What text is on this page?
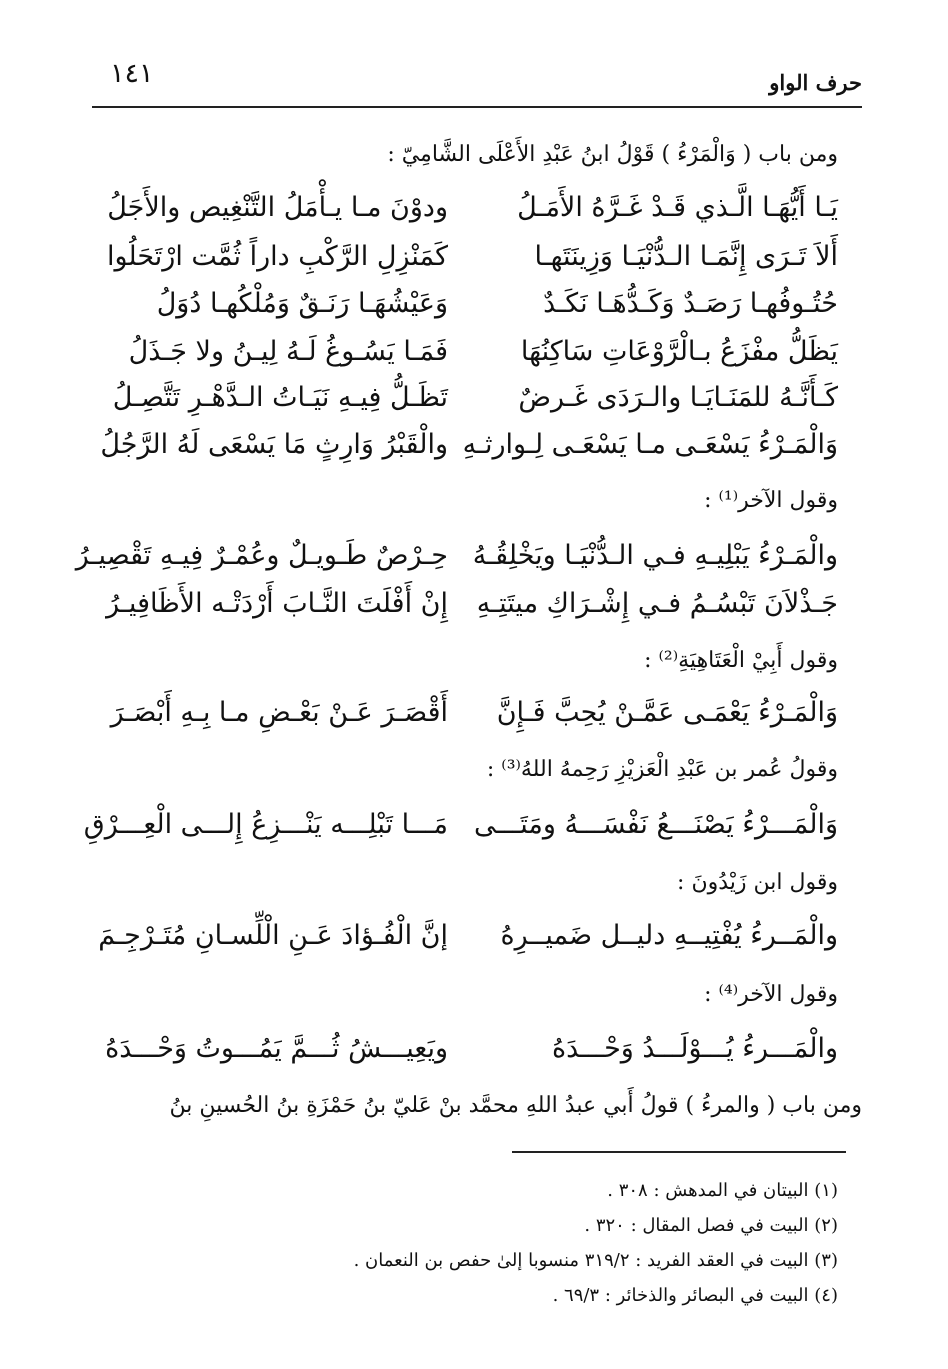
حرف الواو
١٤١
ومن باب ( وَالْمَرْءُ ) قَوْلُ ابنُ عَبْدِ الأَعْلَى الشَّامِيّ :
يَـا أَيُّهَـا الَّـذي قَـدْ غَـرَّهُ الأَمَـلُ
ودوْنَ مـا يـأْمَلُ التَّنْغِيص والأَجَلُ
أَلاَ تَـرَى إِنَّمَـا الـدُّنْيَـا وَزِينَتَهـا
كَمَنْزِلِ الرَّكْبِ داراً ثُمَّت ارْتَحَلُوا
حُتُـوفُهـا رَصَـدٌ وَكَـدُّهَـا نَكَـدٌ
وَعَيْشُهَـا رَنَـقٌ وَمُلْكُهـا دُوَلُ
يَظَلُّ مفْزَعُ بـالْرَّوْعَاتِ سَاكِنُهَا
فَمَـا يَسُـوغُ لَـهُ لِيـنُ ولا جَـذَلُ
كَـأَنَّـهُ للمَنَـايَـا والـرَدَى غَـرضٌ
تَظَـلُّ فِيـهِ نَيَـاتُ الـدَّهْـرِ تَتَّصِـلُ
وَالْمَـرْءُ يَسْعَـى مـا يَسْعَـى لِـوارثـهِ
والْقَبْرُ وَارِثٍ مَا يَسْعَى لَهُ الرَّجُلُ
وقول الآخر⁽¹⁾ :
والْمَـرْءُ يَبْلِيـهِ فـي الـدُّنْيَـا ويَخْلِقُـهُ
حِـرْصٌ طَـويـلٌ وعُمْـرٌ فِيـهِ تَقْصِيـرُ
جَـذْلاَنَ تَبْسُـمُ فـي إِشْـرَاكِ ميتَتِـهِ
إِنْ أَفْلَتَ النَّـابَ أَرْدَتْـه الأَظَافِيـرُ
وقول أَبِيْ الْعَتَاهِيَةِ⁽²⁾ :
وَالْمَـرْءُ يَعْمَـى عَمَّـنْ يُحِبَّ فَـإِنَّ
أَقْصَـرَ عَـنْ بَعْـضِ مـا بِـهِ أَبْصَـرَ
وقولُ عُمر بن عَبْدِ الْعَزيْزِ رَحِمهُ اللهُ⁽³⁾ :
وَالْمَـــرْءُ يَصْنَـــعُ نَفْسَـــهُ ومَتَـــى
مَـــا تَبْلِـــه يَنْـــزِعُ إِلـــى الْعِـــرْقِ
وقول ابن زَيْدُونَ :
والْمَــرءُ يُفْتِيــهِ دليــل ضَميــرِهُ
إنَّ الْفُـؤادَ عَـنِ الْلِّسـانِ مُتَـرْجِـمَ
وقول الآخر⁽⁴⁾ :
والْمَـــرءُ يُـــوْلَـــدُ وَحْـــدَهُ
ويَعِيـــشُ ثُـــمَّ يَمُـــوتُ وَحْـــدَهُ
ومن باب ( والمرءُ ) قولُ أَبي عبدُ اللهِ محمَّد بنْ عَليّ بنُ حَمْزَةِ بنُ الحُسينِ بنُ
(١) البيتان في المدهش : ٣٠٨ .
(٢) البيت في فصل المقال : ٣٢٠ .
(٣) البيت في العقد الفريد : ٣١٩/٢ منسوبا إلىٰ حفص بن النعمان .
(٤) البيت في البصائر والذخائر : ٦٩/٣ .
